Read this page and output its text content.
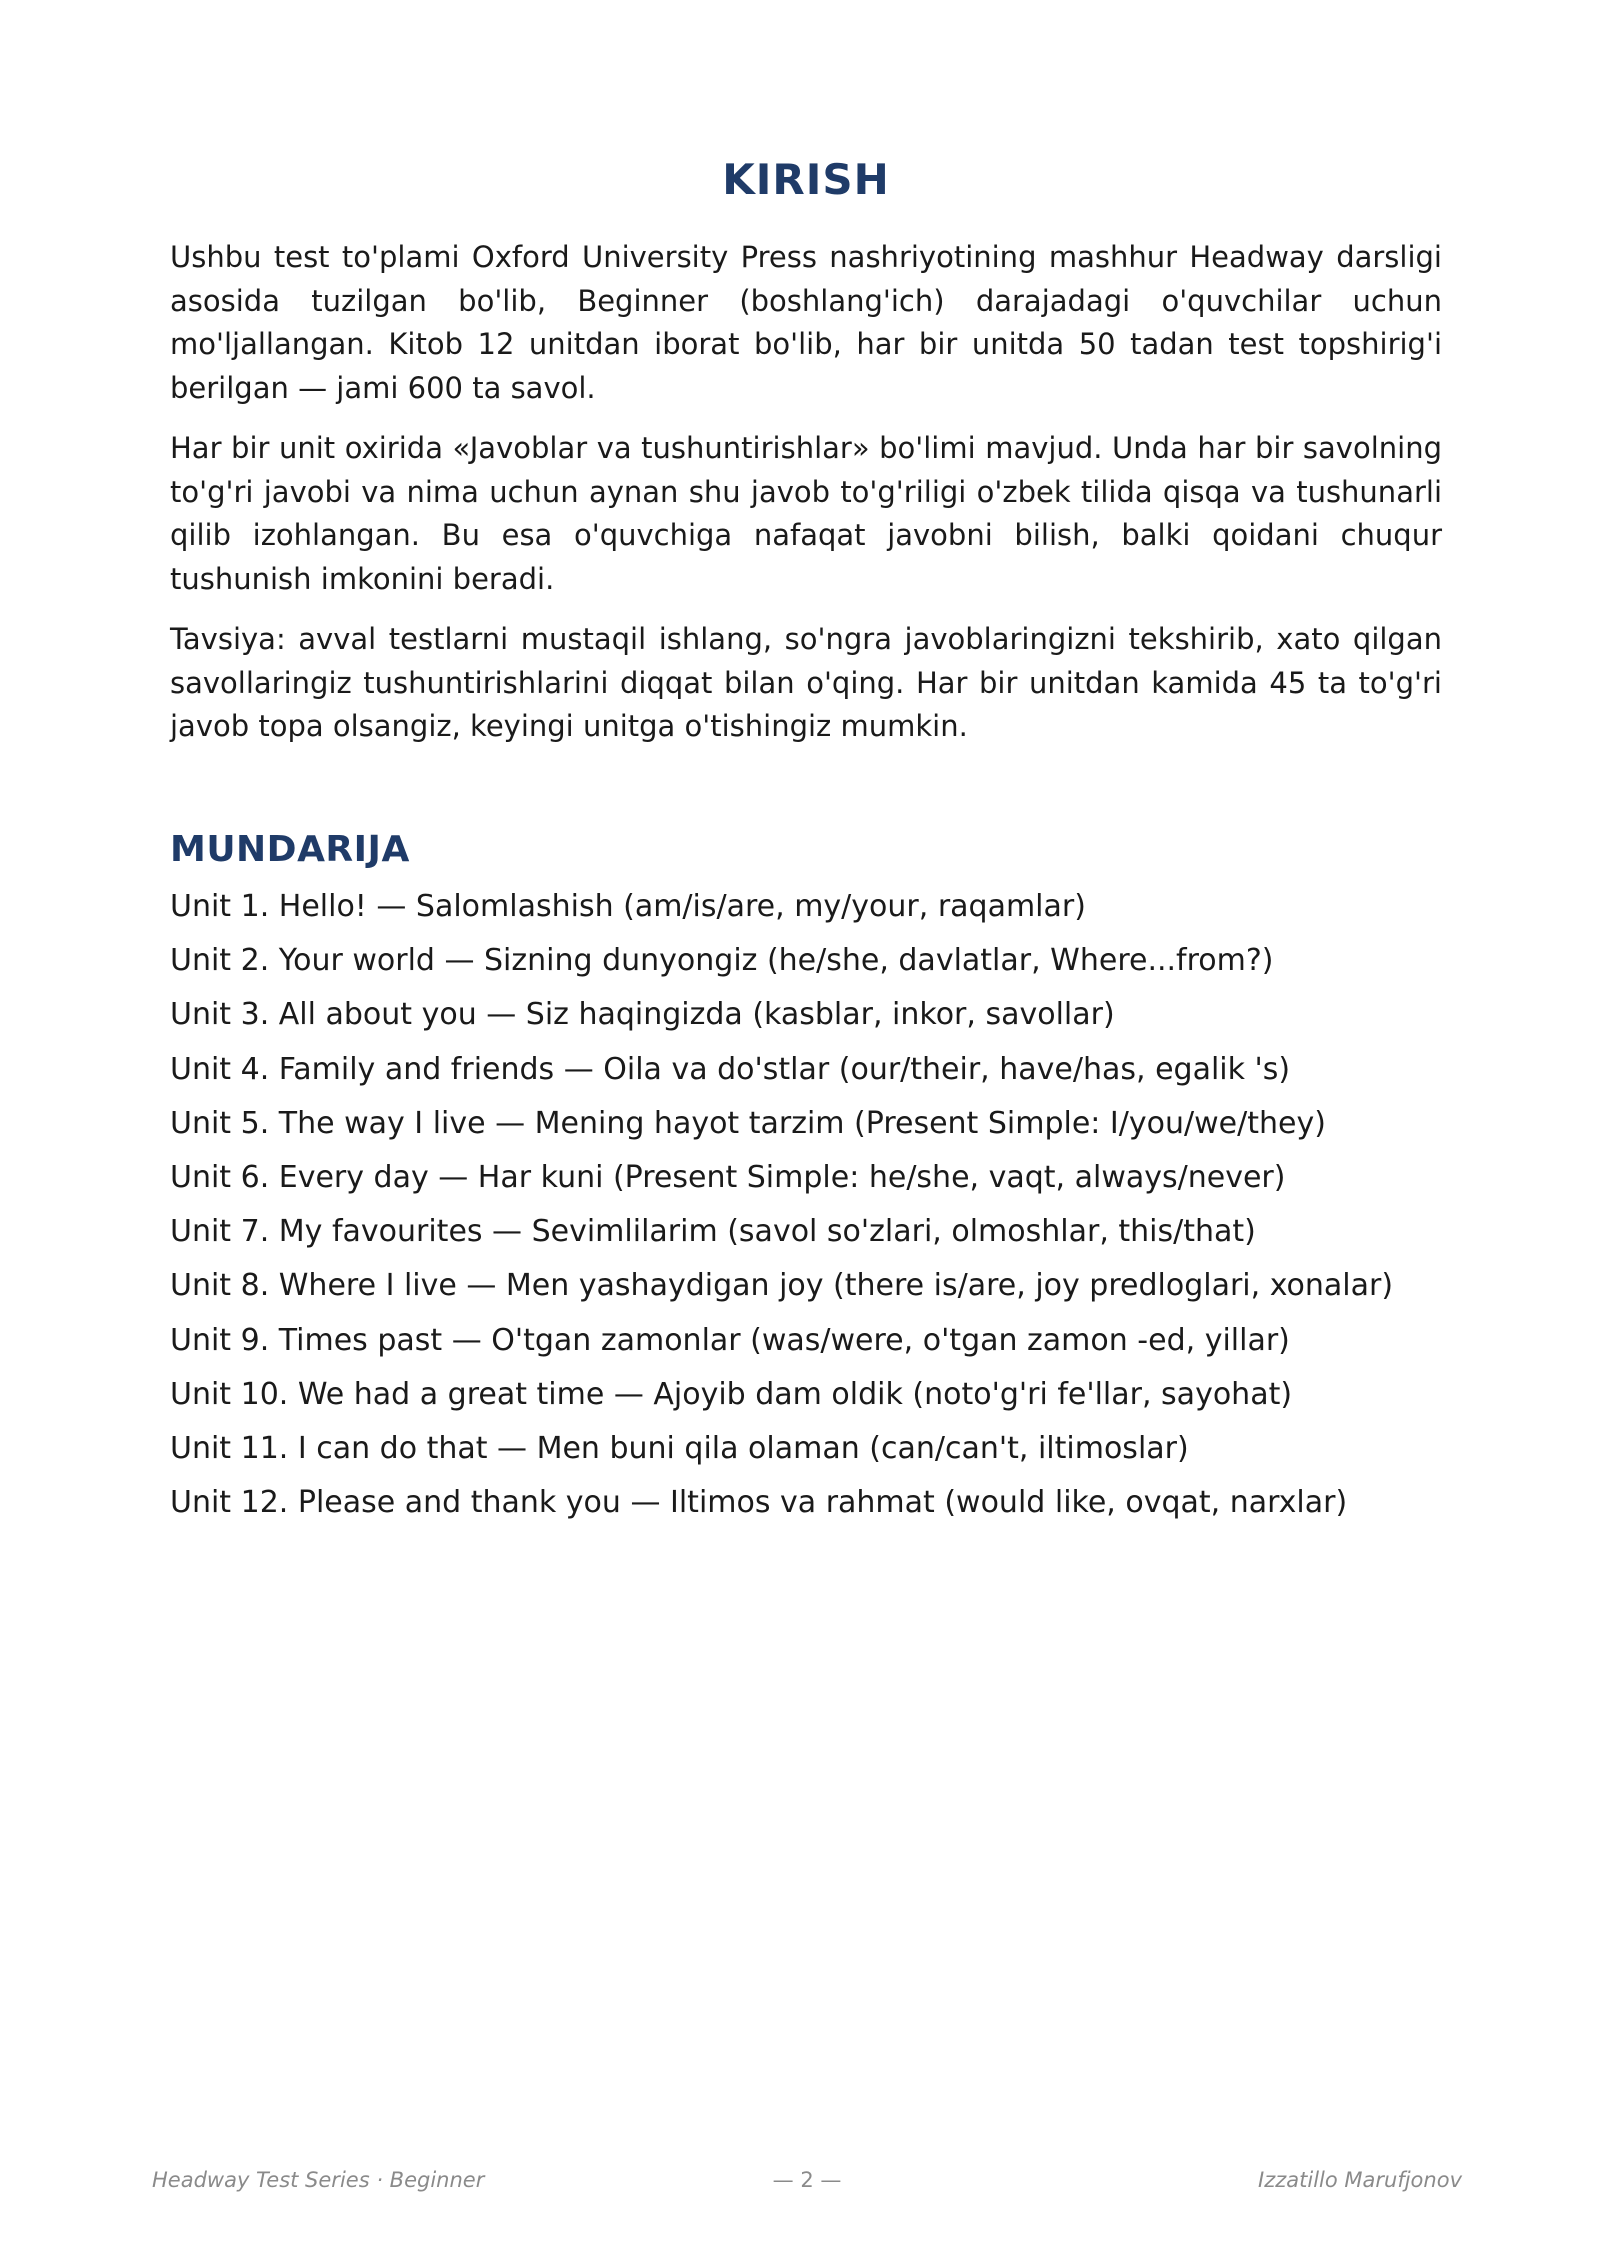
KIRISH

Ushbu test to'plami Oxford University Press nashriyotining mashhur Headway darsligi asosida tuzilgan bo'lib, Beginner (boshlang'ich) darajadagi o'quvchilar uchun mo'ljallangan. Kitob 12 unitdan iborat bo'lib, har bir unitda 50 tadan test topshirig'i berilgan — jami 600 ta savol.

Har bir unit oxirida «Javoblar va tushuntirishlar» bo'limi mavjud. Unda har bir savolning to'g'ri javobi va nima uchun aynan shu javob to'g'riligi o'zbek tilida qisqa va tushunarli qilib izohlangan. Bu esa o'quvchiga nafaqat javobni bilish, balki qoidani chuqur tushunish imkonini beradi.

Tavsiya: avval testlarni mustaqil ishlang, so'ngra javoblaringizni tekshirib, xato qilgan savollaringiz tushuntirishlarini diqqat bilan o'qing. Har bir unitdan kamida 45 ta to'g'ri javob topa olsangiz, keyingi unitga o'tishingiz mumkin.

MUNDARIJA
Unit 1. Hello! — Salomlashish (am/is/are, my/your, raqamlar)
Unit 2. Your world — Sizning dunyongiz (he/she, davlatlar, Where...from?)
Unit 3. All about you — Siz haqingizda (kasblar, inkor, savollar)
Unit 4. Family and friends — Oila va do'stlar (our/their, have/has, egalik 's)
Unit 5. The way I live — Mening hayot tarzim (Present Simple: I/you/we/they)
Unit 6. Every day — Har kuni (Present Simple: he/she, vaqt, always/never)
Unit 7. My favourites — Sevimlilarim (savol so'zlari, olmoshlar, this/that)
Unit 8. Where I live — Men yashaydigan joy (there is/are, joy predloglari, xonalar)
Unit 9. Times past — O'tgan zamonlar (was/were, o'tgan zamon -ed, yillar)
Unit 10. We had a great time — Ajoyib dam oldik (noto'g'ri fe'llar, sayohat)
Unit 11. I can do that — Men buni qila olaman (can/can't, iltimoslar)
Unit 12. Please and thank you — Iltimos va rahmat (would like, ovqat, narxlar)
Headway Test Series · Beginner	— 2 —	Izzatillo Marufjonov
